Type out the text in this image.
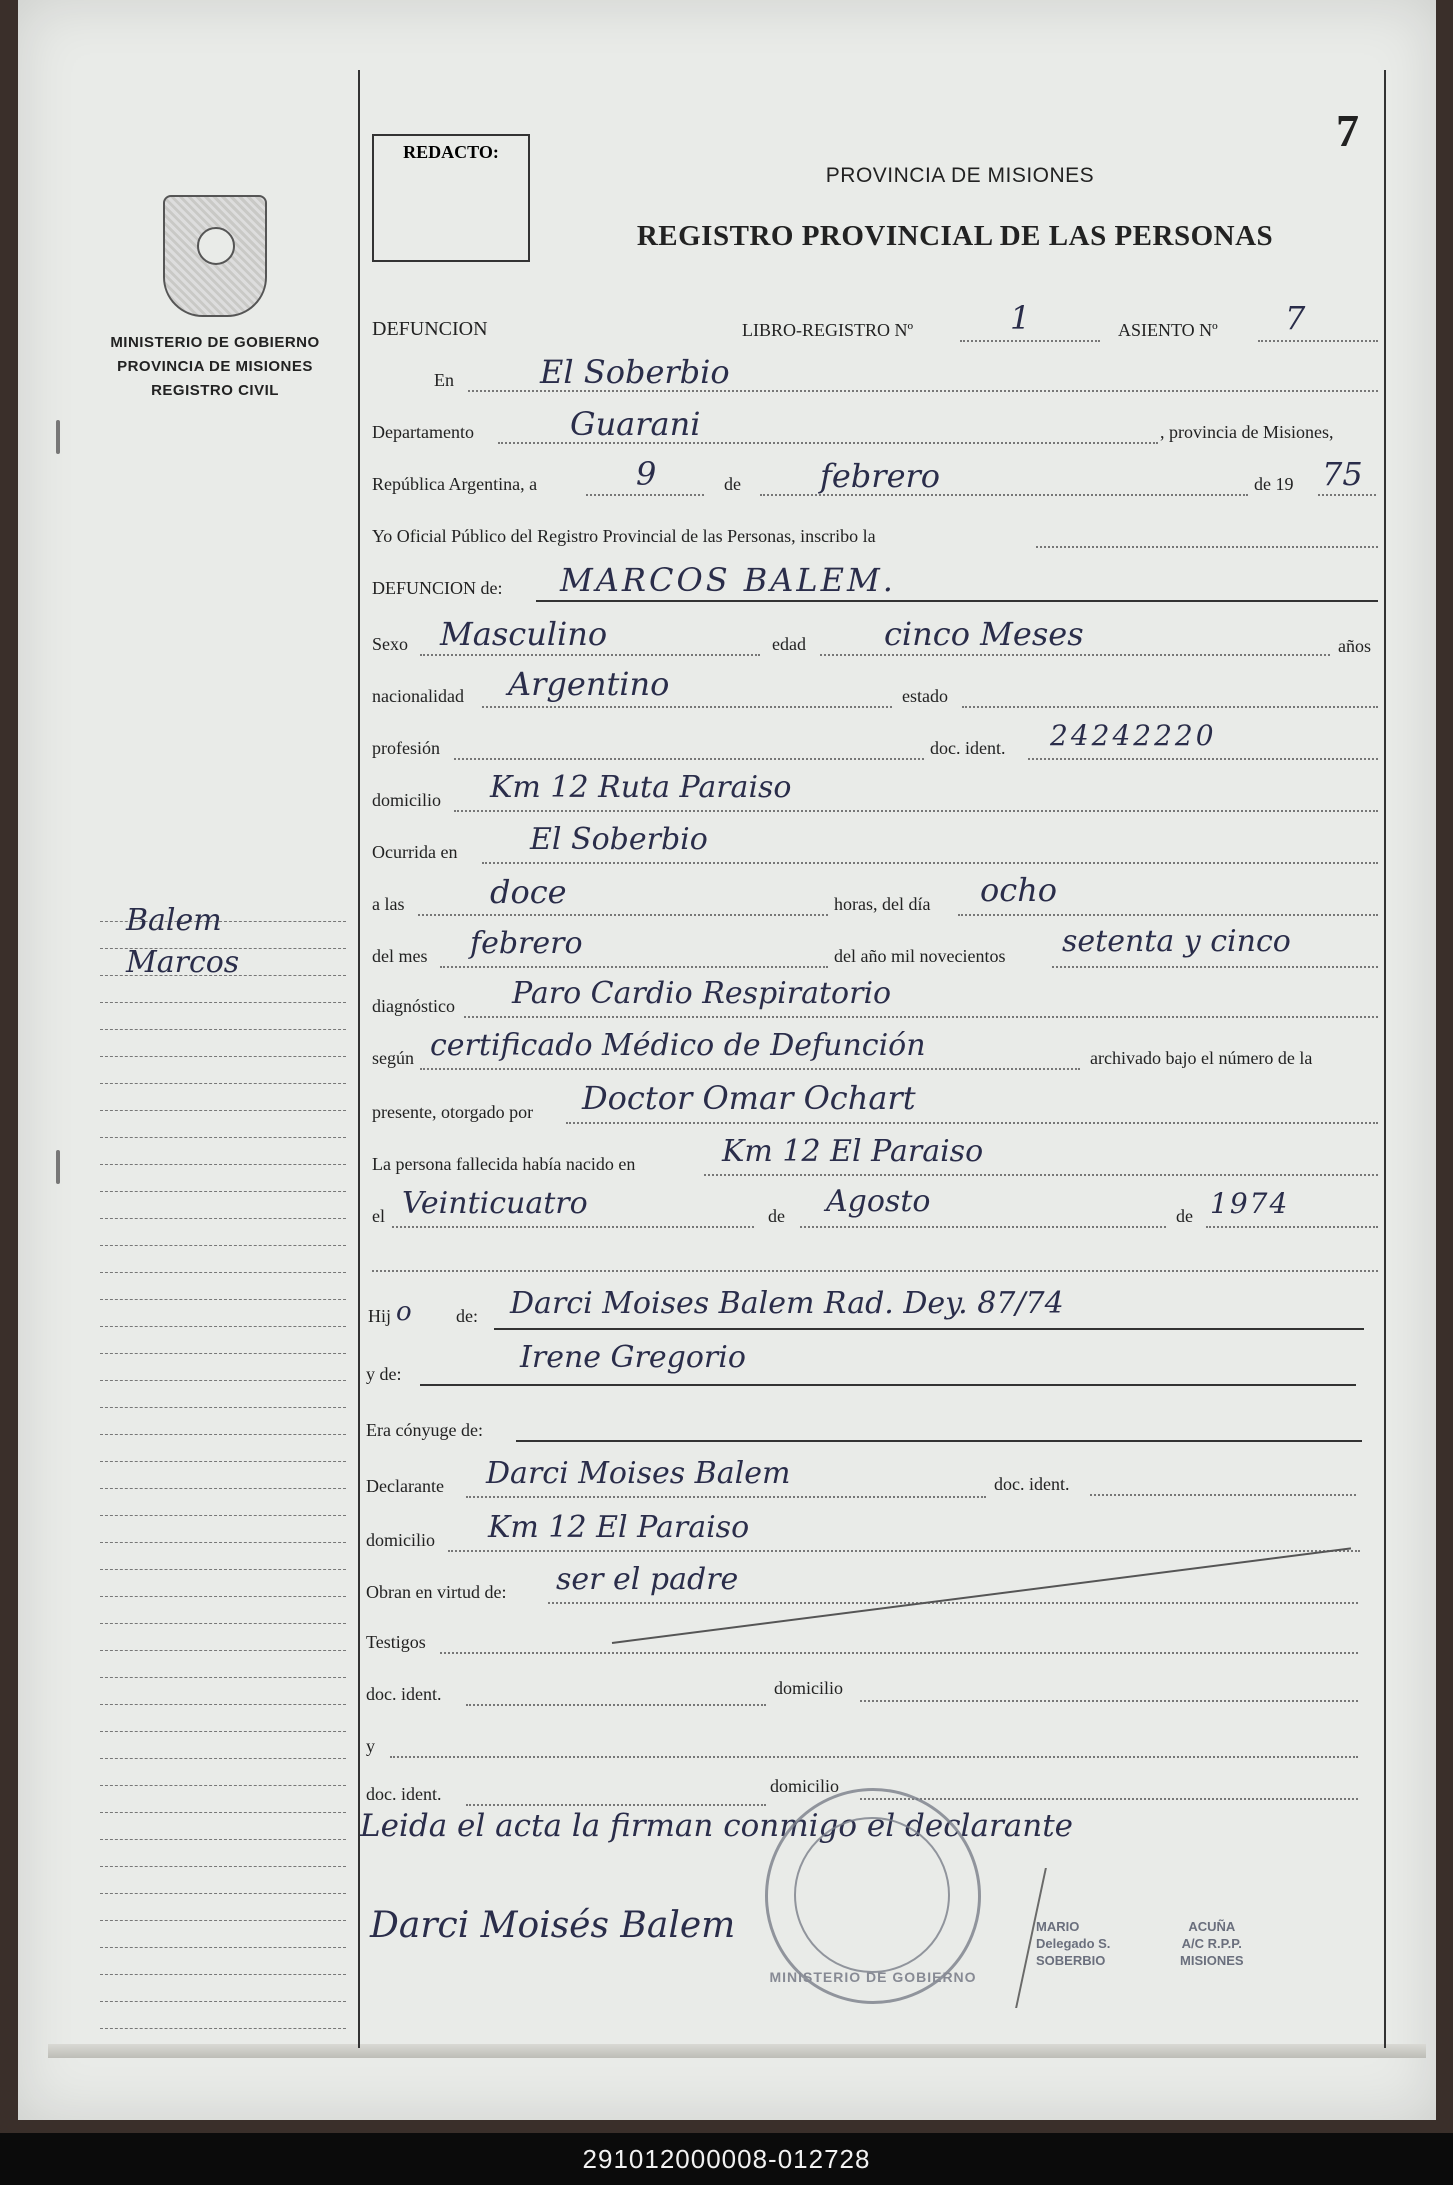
MINISTERIO DE GOBIERNO
PROVINCIA DE MISIONES
REGISTRO CIVIL
Balem
Marcos
REDACTO:	7
PROVINCIA DE MISIONES
REGISTRO PROVINCIAL DE LAS PERSONAS
DEFUNCION	LIBRO-REGISTRO Nº	1	ASIENTO Nº 7
En	El Soberbio
Departamento	Guarani	, provincia de Misiones,
República Argentina, a	9	de febrero	de 19 75
Yo Oficial Público del Registro Provincial de las Personas, inscribo la
DEFUNCION de: MARCOS BALEM.
Sexo Masculino	edad cinco Meses	años
nacionalidad Argentino	estado
profesión	doc. ident. 24242220
domicilio Km 12 Ruta Paraiso
Ocurrida en El Soberbio
a las	doce	horas, del día ocho
del mes febrero	del año mil novecientos setenta y cinco
diagnóstico Paro Cardio Respiratorio
según certificado Médico de Defunción	archivado bajo el número de la
presente, otorgado por Doctor Omar Ochart
La persona fallecida había nacido en	Km 12 El Paraiso
el Veinticuatro	de Agosto	de 1974
Hij o de: Darci Moises Balem Rad. Dey. 87/74
y de:	Irene Gregorio
Era cónyuge de:
Declarante Darci Moises Balem	doc. ident.
domicilio Km 12 El Paraiso
Obran en virtud de: ser el padre
Testigos
doc. ident.	domicilio
y
doc. ident.	domicilio
Leida el acta la firman conmigo el declarante
Darci Moisés Balem
MINISTERIO DE GOBIERNO
MARIO
Delegado S.
SOBERBIO
ACUÑA
A/C R.P.P.
MISIONES
291012000008-012728
